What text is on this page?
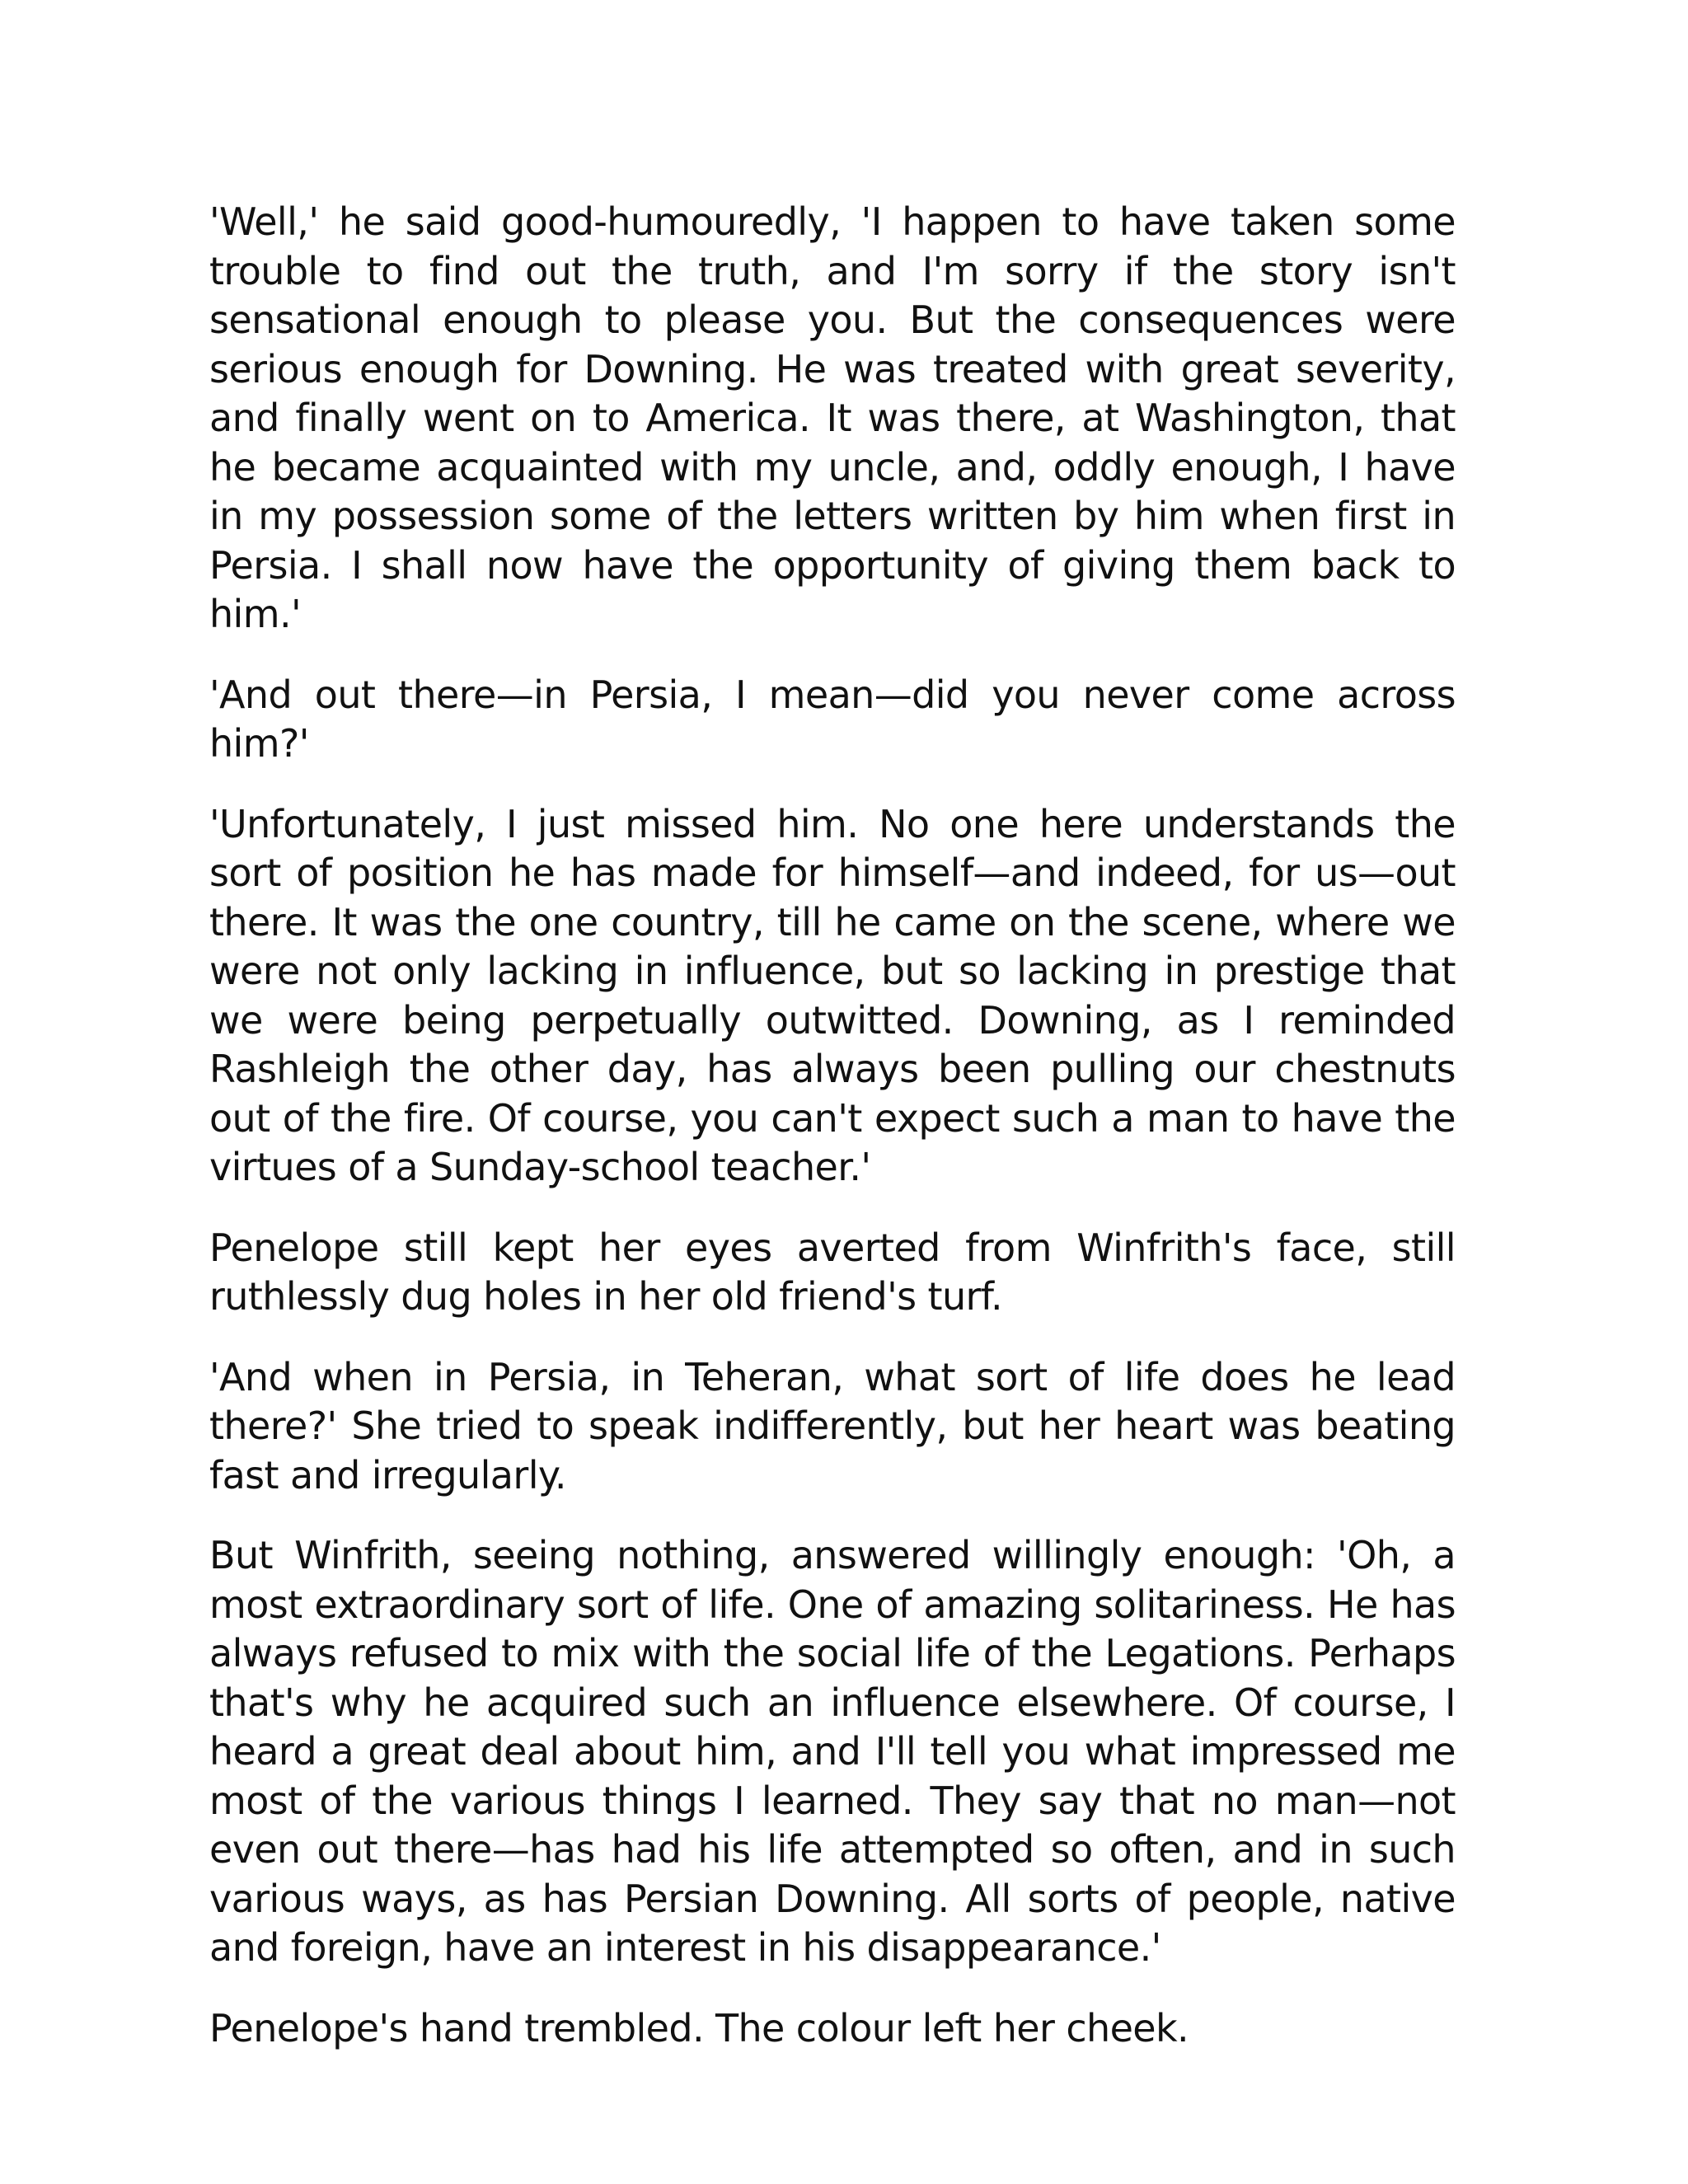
'Well,' he said good-humouredly, 'I happen to have taken some trouble to find out the truth, and I'm sorry if the story isn't sensational enough to please you. But the consequences were serious enough for Downing. He was treated with great severity, and finally went on to America. It was there, at Washington, that he became acquainted with my uncle, and, oddly enough, I have in my possession some of the letters written by him when first in Persia. I shall now have the opportunity of giving them back to him.'

'And out there—in Persia, I mean—did you never come across him?'

'Unfortunately, I just missed him. No one here understands the sort of position he has made for himself—and indeed, for us—out there. It was the one country, till he came on the scene, where we were not only lacking in influence, but so lacking in prestige that we were being perpetually outwitted. Downing, as I reminded Rashleigh the other day, has always been pulling our chestnuts out of the fire. Of course, you can't expect such a man to have the virtues of a Sunday-school teacher.'

Penelope still kept her eyes averted from Winfrith's face, still ruthlessly dug holes in her old friend's turf.

'And when in Persia, in Teheran, what sort of life does he lead there?' She tried to speak indifferently, but her heart was beating fast and irregularly.

But Winfrith, seeing nothing, answered willingly enough: 'Oh, a most extraordinary sort of life. One of amazing solitariness. He has always refused to mix with the social life of the Legations. Perhaps that's why he acquired such an influence elsewhere. Of course, I heard a great deal about him, and I'll tell you what impressed me most of the various things I learned. They say that no man—not even out there—has had his life attempted so often, and in such various ways, as has Persian Downing. All sorts of people, native and foreign, have an interest in his disappearance.'

Penelope's hand trembled. The colour left her cheek.
